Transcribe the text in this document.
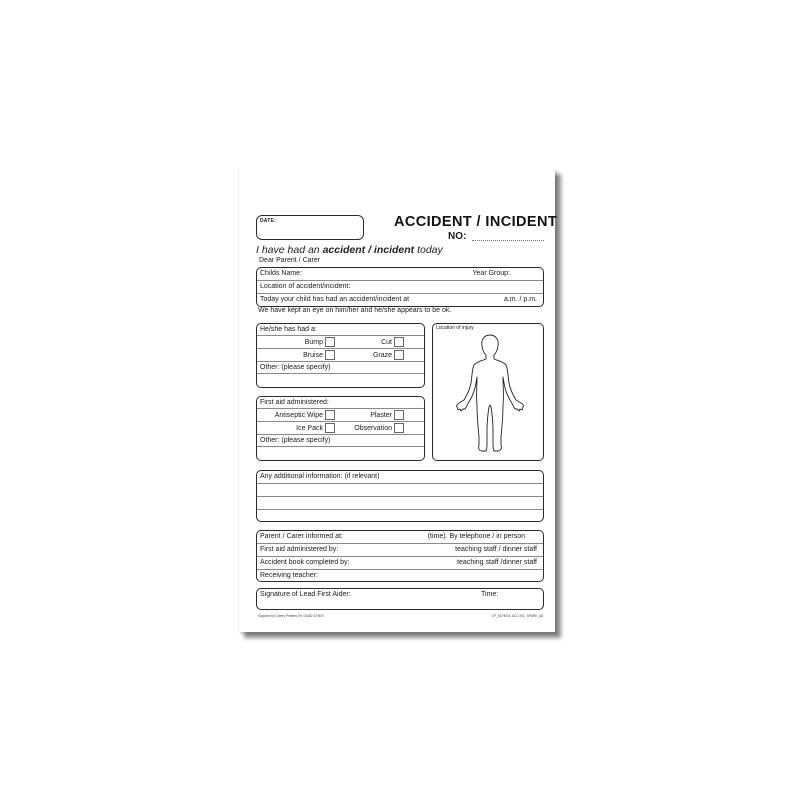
DATE:	ACCIDENT / INCIDENT
NO:
I have had an accident / incident today
Dear Parent / Carer
Childs Name:	Year Group:
Location of accident/incident:
Today your child has had an accident/incident at	a.m. / p.m.
We have kept an eye on him/her and he/she appears to be ok.
He/she has had a:
Bump	Cut
Bruise	Graze
Other: (please specify)
First aid administered:
Antiseptic Wipe	Plaster
Ice Pack	Observation
Other: (please specify)
Location of injury
Any additional information: (if relevant)
Parent / Carer informed at:	(time). By telephone / in person
First aid administered by:	teaching staff / dinner staff
Accident book completed by:	teaching staff /dinner staff
Receiving teacher:
Signature of Lead First Aider:	Time:
Supplied by Cherry Printers Tel: 01482 370670	CP_SCHOOL ACC INC_SPARE_A5
